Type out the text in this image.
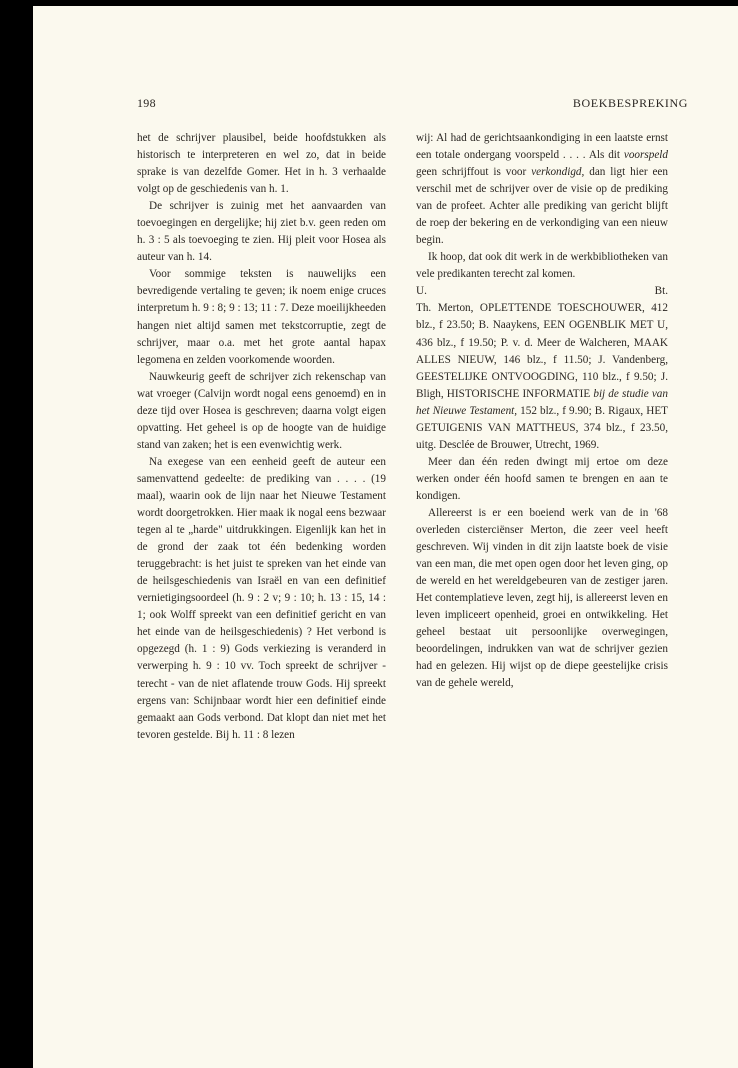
198	BOEKBESPREKING

het de schrijver plausibel, beide hoofdstukken als historisch te interpreteren en wel zo, dat in beide sprake is van dezelfde Gomer. Het in h. 3 verhaalde volgt op de geschiedenis van h. 1.

De schrijver is zuinig met het aanvaarden van toevoegingen en dergelijke; hij ziet b.v. geen reden om h. 3 : 5 als toevoeging te zien. Hij pleit voor Hosea als auteur van h. 14.

Voor sommige teksten is nauwelijks een bevredigende vertaling te geven; ik noem enige cruces interpretum h. 9 : 8; 9 : 13; 11 : 7. Deze moeilijkheeden hangen niet altijd samen met tekstcorruptie, zegt de schrijver, maar o.a. met het grote aantal hapax legomena en zelden voorkomende woorden.

Nauwkeurig geeft de schrijver zich rekenschap van wat vroeger (Calvijn wordt nogal eens genoemd) en in deze tijd over Hosea is geschreven; daarna volgt eigen opvatting. Het geheel is op de hoogte van de huidige stand van zaken; het is een evenwichtig werk.

Na exegese van een eenheid geeft de auteur een samenvattend gedeelte: de prediking van . . . . (19 maal), waarin ook de lijn naar het Nieuwe Testament wordt doorgetrokken. Hier maak ik nogal eens bezwaar tegen al te „harde" uitdrukkingen. Eigenlijk kan het in de grond der zaak tot één bedenking worden teruggebracht: is het juist te spreken van het einde van de heilsgeschiedenis van Israël en van een definitief vernietigingsoordeel (h. 9 : 2 v; 9 : 10; h. 13 : 15, 14 : 1; ook Wolff spreekt van een definitief gericht en van het einde van de heilsgeschiedenis) ? Het verbond is opgezegd (h. 1 : 9) Gods verkiezing is veranderd in verwerping h. 9 : 10 vv. Toch spreekt de schrijver - terecht - van de niet aflatende trouw Gods. Hij spreekt ergens van: Schijnbaar wordt hier een definitief einde gemaakt aan Gods verbond. Dat klopt dan niet met het tevoren gestelde. Bij h. 11 : 8 lezen

wij: Al had de gerichtsaankondiging in een laatste ernst een totale ondergang voorspeld . . . . Als dit voorspeld geen schrijffout is voor verkondigd, dan ligt hier een verschil met de schrijver over de visie op de prediking van de profeet. Achter alle prediking van gericht blijft de roep der bekering en de verkondiging van een nieuw begin.

Ik hoop, dat ook dit werk in de werkbibliotheken van vele predikanten terecht zal komen.

U.	Bt.

Th. Merton, OPLETTENDE TOESCHOUWER, 412 blz., f 23.50; B. Naaykens, EEN OGENBLIK MET U, 436 blz., f 19.50; P. v. d. Meer de Walcheren, MAAK ALLES NIEUW, 146 blz., f 11.50; J. Vandenberg, GEESTELIJKE ONTVOOGDING, 110 blz., f 9.50; J. Bligh, HISTORISCHE INFORMATIE bij de studie van het Nieuwe Testament, 152 blz., f 9.90; B. Rigaux, HET GETUIGENIS VAN MATTHEUS, 374 blz., f 23.50, uitg. Desclée de Brouwer, Utrecht, 1969.

Meer dan één reden dwingt mij ertoe om deze werken onder één hoofd samen te brengen en aan te kondigen.

Allereerst is er een boeiend werk van de in '68 overleden cisterciënser Merton, die zeer veel heeft geschreven. Wij vinden in dit zijn laatste boek de visie van een man, die met open ogen door het leven ging, op de wereld en het wereldgebeuren van de zestiger jaren. Het contemplatieve leven, zegt hij, is allereerst leven en leven impliceert openheid, groei en ontwikkeling. Het geheel bestaat uit persoonlijke overwegingen, beoordelingen, indrukken van wat de schrijver gezien had en gelezen. Hij wijst op de diepe geestelijke crisis van de gehele wereld,
